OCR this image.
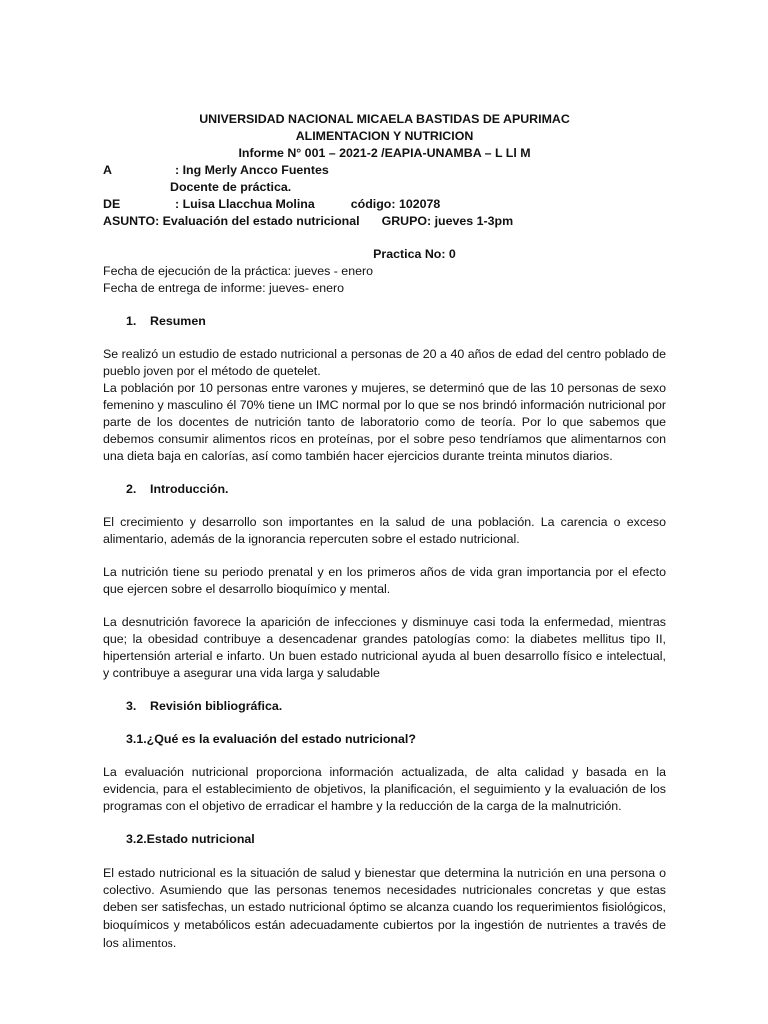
UNIVERSIDAD NACIONAL MICAELA BASTIDAS DE APURIMAC
ALIMENTACION Y NUTRICION
Informe N° 001 – 2021-2 /EAPIA-UNAMBA – L Ll M
A	: Ing Merly Ancco Fuentes
Docente de práctica.
DE	: Luisa Llacchua Molina	código: 102078
ASUNTO: Evaluación del estado nutricional GRUPO: jueves 1-3pm
Practica No: 0
Fecha de ejecución de la práctica: jueves - enero
Fecha de entrega de informe: jueves- enero
1.	Resumen

Se realizó un estudio de estado nutricional a personas de 20 a 40 años de edad del centro poblado de pueblo joven por el método de quetelet.

La población por 10 personas entre varones y mujeres, se determinó que de las 10 personas de sexo femenino y masculino él 70% tiene un IMC normal por lo que se nos brindó información nutricional por parte de los docentes de nutrición tanto de laboratorio como de teoría. Por lo que sabemos que debemos consumir alimentos ricos en proteínas, por el sobre peso tendríamos que alimentarnos con una dieta baja en calorías, así como también hacer ejercicios durante treinta minutos diarios.

2.	Introducción.

El crecimiento y desarrollo son importantes en la salud de una población. La carencia o exceso alimentario, además de la ignorancia repercuten sobre el estado nutricional.

La nutrición tiene su periodo prenatal y en los primeros años de vida gran importancia por el efecto que ejercen sobre el desarrollo bioquímico y mental.

La desnutrición favorece la aparición de infecciones y disminuye casi toda la enfermedad, mientras que; la obesidad contribuye a desencadenar grandes patologías como: la diabetes mellitus tipo II, hipertensión arterial e infarto. Un buen estado nutricional ayuda al buen desarrollo físico e intelectual, y contribuye a asegurar una vida larga y saludable

3.	Revisión bibliográfica.
3.1.¿Qué es la evaluación del estado nutricional?

La evaluación nutricional proporciona información actualizada, de alta calidad y basada en la evidencia, para el establecimiento de objetivos, la planificación, el seguimiento y la evaluación de los programas con el objetivo de erradicar el hambre y la reducción de la carga de la malnutrición.

3.2.Estado nutricional

El estado nutricional es la situación de salud y bienestar que determina la nutrición en una persona o colectivo. Asumiendo que las personas tenemos necesidades nutricionales concretas y que estas deben ser satisfechas, un estado nutricional óptimo se alcanza cuando los requerimientos fisiológicos, bioquímicos y metabólicos están adecuadamente cubiertos por la ingestión de nutrientes a través de los alimentos.
